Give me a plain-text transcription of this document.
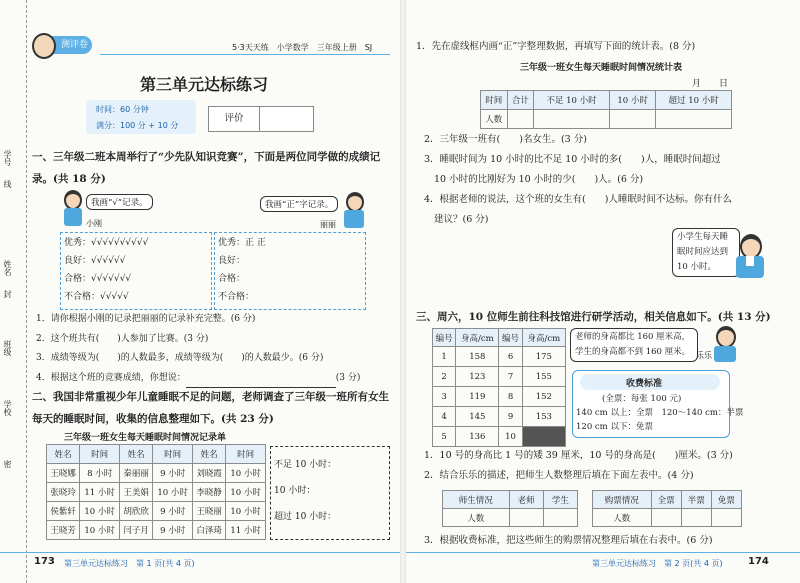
学号
线
姓名
封
班级
学校
密
测评卷	5·3天天练　小学数学　三年级上册　SJ
第三单元达标练习
时间：60 分钟
满分：100 分 + 10 分
评价
一、三年级二班本周举行了“少先队知识竞赛”，下面是两位同学做的成绩记
录。(共 18 分)
我画“√”记录。
小刚
我画“正”字记录。
丽丽
优秀：√√√√√√√√√√
良好：√√√√√√
合格：√√√√√√√
不合格：√√√√√
优秀：正 正
良好：
合格：
不合格：
1．请你根据小刚的记录把丽丽的记录补充完整。(6 分)
2．这个班共有(　　)人参加了比赛。(3 分)
3．成绩等级为(　　)的人数最多，成绩等级为(　　)的人数最少。(6 分)
4．根据这个班的竞赛成绩，你想说：	(3 分)
二、我国非常重视少年儿童睡眠不足的问题，老师调查了三年级一班所有女生
每天的睡眠时间，收集的信息整理如下。(共 23 分)
三年级一班女生每天睡眠时间情况记录单
姓名	时间	姓名	时间	姓名	时间
王晓娜	8 小时	秦丽丽	9 小时	刘晓霞	10 小时
张晓玲	11 小时	王美娟	10 小时	李晓静	10 小时
侯紫轩	10 小时	胡欣欣	9 小时	王晓丽	10 小时
王晓芳	10 小时	闫子月	9 小时	白泽琦	11 小时
不足 10 小时：
10 小时：
超过 10 小时：
173 第三单元达标练习　第 1 页(共 4 页)
1．先在虚线框内画“正”字整理数据，再填写下面的统计表。(8 分)
三年级一班女生每天睡眠时间情况统计表
月　　日
时间	合计	不足 10 小时	10 小时	超过 10 小时
人数				
2．三年级一班有(　　)名女生。(3 分)
3．睡眠时间为 10 小时的比不足 10 小时的多(　　)人，睡眠时间超过
10 小时的比刚好为 10 小时的少(　　)人。(6 分)
4．根据老师的说法，这个班的女生有(　　)人睡眠时间不达标。你有什么
建议？(6 分)
小学生每天睡眠时间应达到 10 小时。
三、周六，10 位师生前往科技馆进行研学活动，相关信息如下。(共 13 分)
编号	身高/cm	编号	身高/cm
1	158	6	175
2	123	7	155
3	119	8	152
4	145	9	153
5	136	10	
老师的身高都比 160 厘米高，学生的身高都不到 160 厘米。 乐乐
收费标准
(全票：每张 100 元)
140 cm 以上：全票　120～140 cm：半票
120 cm 以下：免票
1．10 号的身高比 1 号的矮 39 厘米，10 号的身高是(　　)厘米。(3 分)
2．结合乐乐的描述，把师生人数整理后填在下面左表中。(4 分)
师生情况	老师	学生
人数		
购票情况	全票	半票	免票
人数			
3．根据收费标准，把这些师生的购票情况整理后填在右表中。(6 分)
第三单元达标练习　第 2 页(共 4 页)	174
